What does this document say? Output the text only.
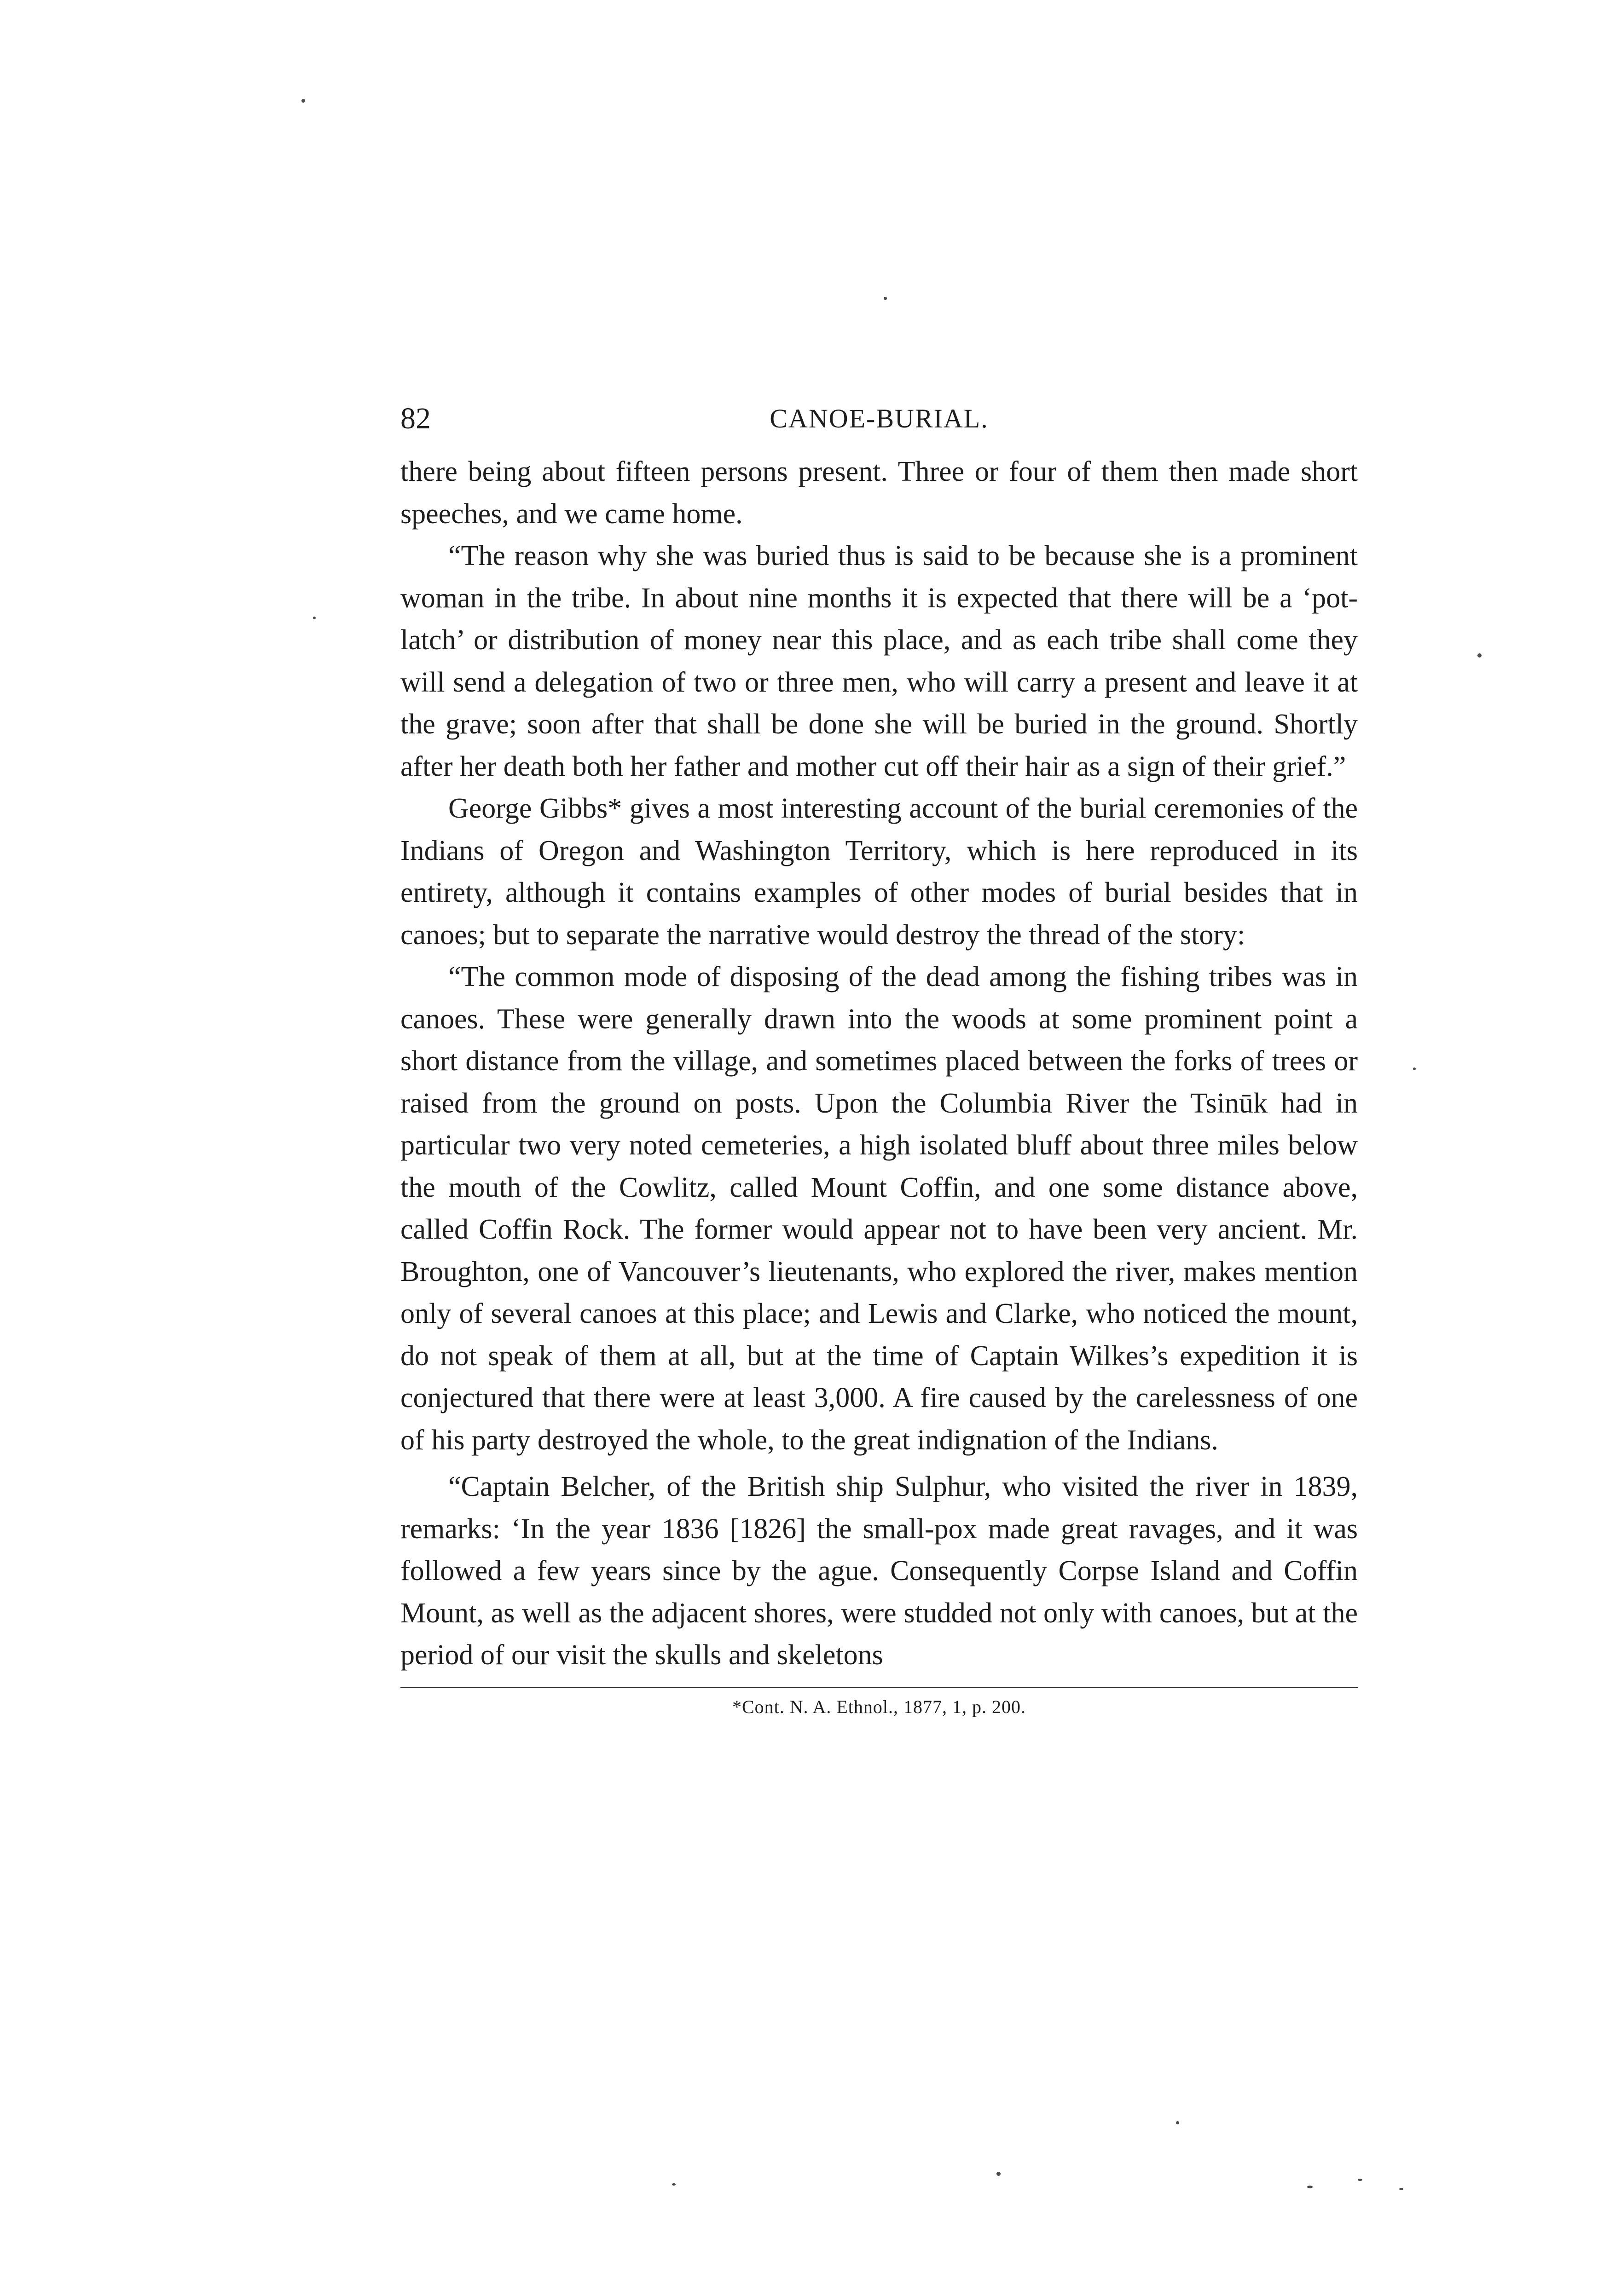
82	CANOE-BURIAL.

there being about fifteen persons present. Three or four of them then made short speeches, and we came home.

“The reason why she was buried thus is said to be because she is a prominent woman in the tribe. In about nine months it is expected that there will be a ‘pot-latch’ or distribution of money near this place, and as each tribe shall come they will send a delegation of two or three men, who will carry a present and leave it at the grave; soon after that shall be done she will be buried in the ground. Shortly after her death both her father and mother cut off their hair as a sign of their grief.”

George Gibbs* gives a most interesting account of the burial ceremonies of the Indians of Oregon and Washington Territory, which is here reproduced in its entirety, although it contains examples of other modes of burial besides that in canoes; but to separate the narrative would destroy the thread of the story:

“The common mode of disposing of the dead among the fishing tribes was in canoes. These were generally drawn into the woods at some prominent point a short distance from the village, and sometimes placed between the forks of trees or raised from the ground on posts. Upon the Columbia River the Tsinūk had in particular two very noted cemeteries, a high isolated bluff about three miles below the mouth of the Cowlitz, called Mount Coffin, and one some distance above, called Coffin Rock. The former would appear not to have been very ancient. Mr. Broughton, one of Vancouver’s lieutenants, who explored the river, makes mention only of several canoes at this place; and Lewis and Clarke, who noticed the mount, do not speak of them at all, but at the time of Captain Wilkes’s expedition it is conjectured that there were at least 3,000. A fire caused by the carelessness of one of his party destroyed the whole, to the great indignation of the Indians.

“Captain Belcher, of the British ship Sulphur, who visited the river in 1839, remarks: ‘In the year 1836 [1826] the small-pox made great ravages, and it was followed a few years since by the ague. Consequently Corpse Island and Coffin Mount, as well as the adjacent shores, were studded not only with canoes, but at the period of our visit the skulls and skeletons

*Cont. N. A. Ethnol., 1877, 1, p. 200.
